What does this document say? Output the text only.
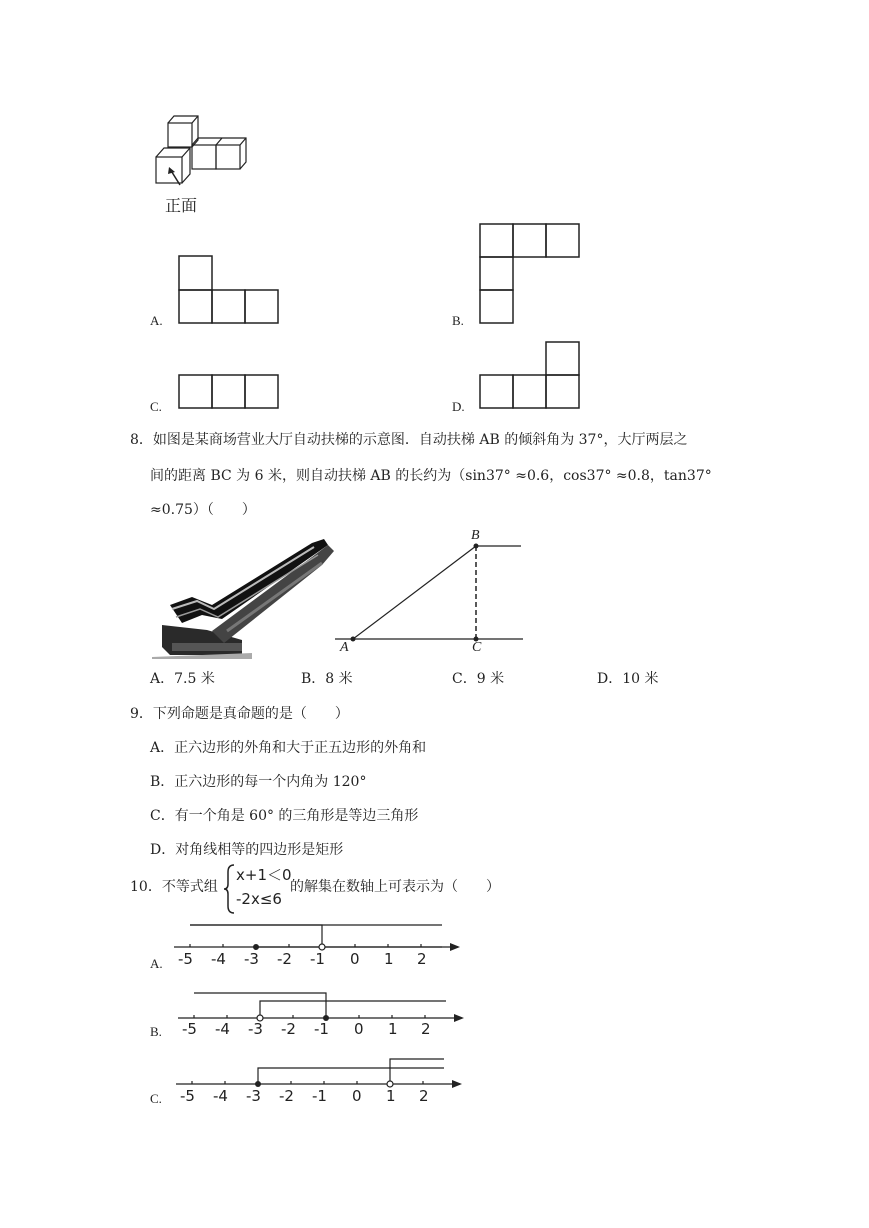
正面
A.	B.
C.	D.
8．如图是某商场营业大厅自动扶梯的示意图．自动扶梯 AB 的倾斜角为 37°，大厅两层之
间的距离 BC 为 6 米，则自动扶梯 AB 的长约为（sin37° ≈0.6，cos37° ≈0.8，tan37°
≈0.75）（　　）
B
A	C
A．7.5 米	B．8 米	C．9 米	D．10 米
9．下列命题是真命题的是（　　）
A．正六边形的外角和大于正五边形的外角和
B．正六边形的每一个内角为 120°
C．有一个角是 60° 的三角形是等边三角形
D．对角线相等的四边形是矩形
10．不等式组
x+1＜0
-2x≤6
的解集在数轴上可表示为（　　）
A. -5 -4 -3 -2 -1 0 1 2
B. -5 -4 -3 -2 -1 0 1 2
C. -5 -4 -3 -2 -1 0 1 2
